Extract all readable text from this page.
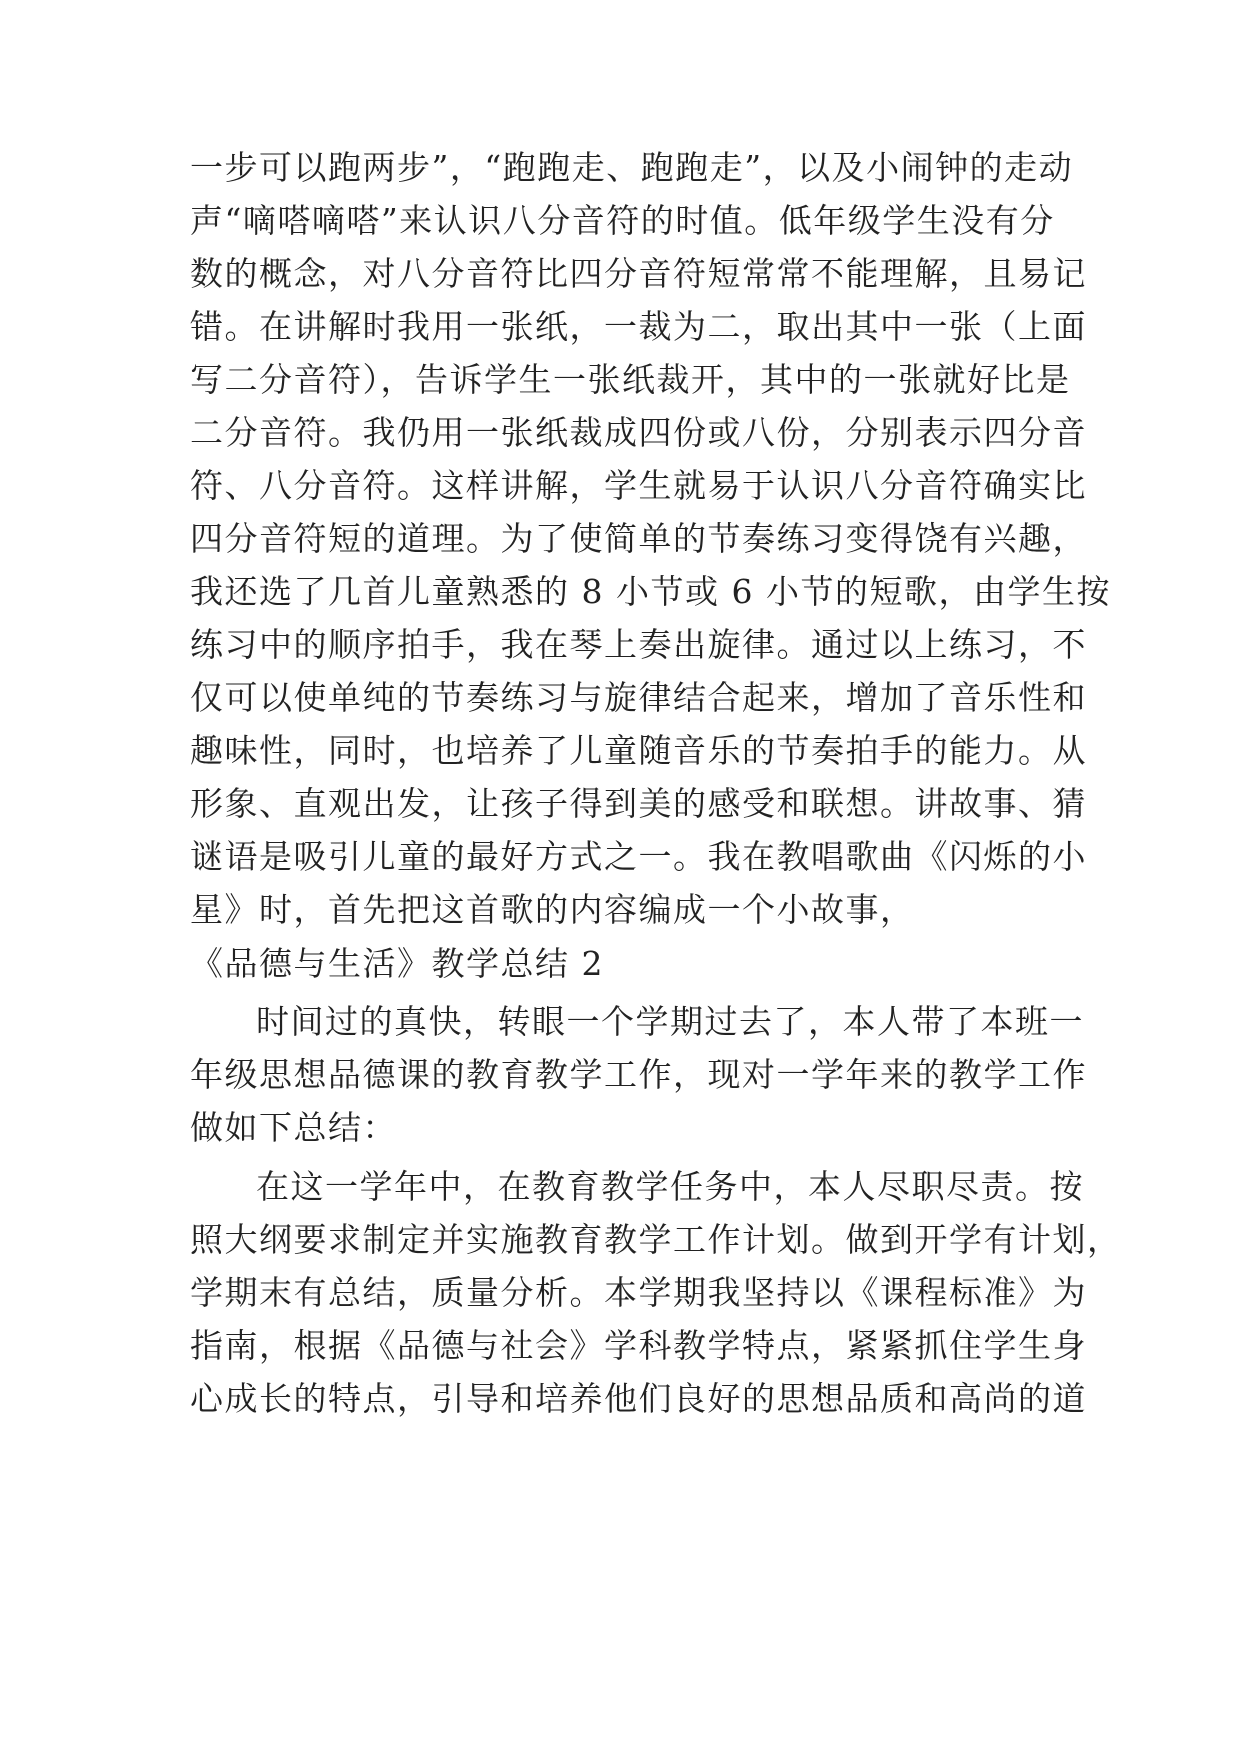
一步可以跑两步”，“跑跑走、跑跑走”，以及小闹钟的走动
声“嘀嗒嘀嗒”来认识八分音符的时值。低年级学生没有分
数的概念，对八分音符比四分音符短常常不能理解，且易记
错。在讲解时我用一张纸，一裁为二，取出其中一张（上面
写二分音符），告诉学生一张纸裁开，其中的一张就好比是
二分音符。我仍用一张纸裁成四份或八份，分别表示四分音
符、八分音符。这样讲解，学生就易于认识八分音符确实比
四分音符短的道理。为了使简单的节奏练习变得饶有兴趣，
我还选了几首儿童熟悉的 8 小节或 6 小节的短歌，由学生按
练习中的顺序拍手，我在琴上奏出旋律。通过以上练习，不
仅可以使单纯的节奏练习与旋律结合起来，增加了音乐性和
趣味性，同时，也培养了儿童随音乐的节奏拍手的能力。从
形象、直观出发，让孩子得到美的感受和联想。讲故事、猜
谜语是吸引儿童的最好方式之一。我在教唱歌曲《闪烁的小
星》时，首先把这首歌的内容编成一个小故事，
《品德与生活》教学总结 2
时间过的真快，转眼一个学期过去了，本人带了本班一
年级思想品德课的教育教学工作，现对一学年来的教学工作
做如下总结：
在这一学年中，在教育教学任务中，本人尽职尽责。按
照大纲要求制定并实施教育教学工作计划。做到开学有计划，
学期末有总结，质量分析。本学期我坚持以《课程标准》为
指南，根据《品德与社会》学科教学特点，紧紧抓住学生身
心成长的特点，引导和培养他们良好的思想品质和高尚的道
